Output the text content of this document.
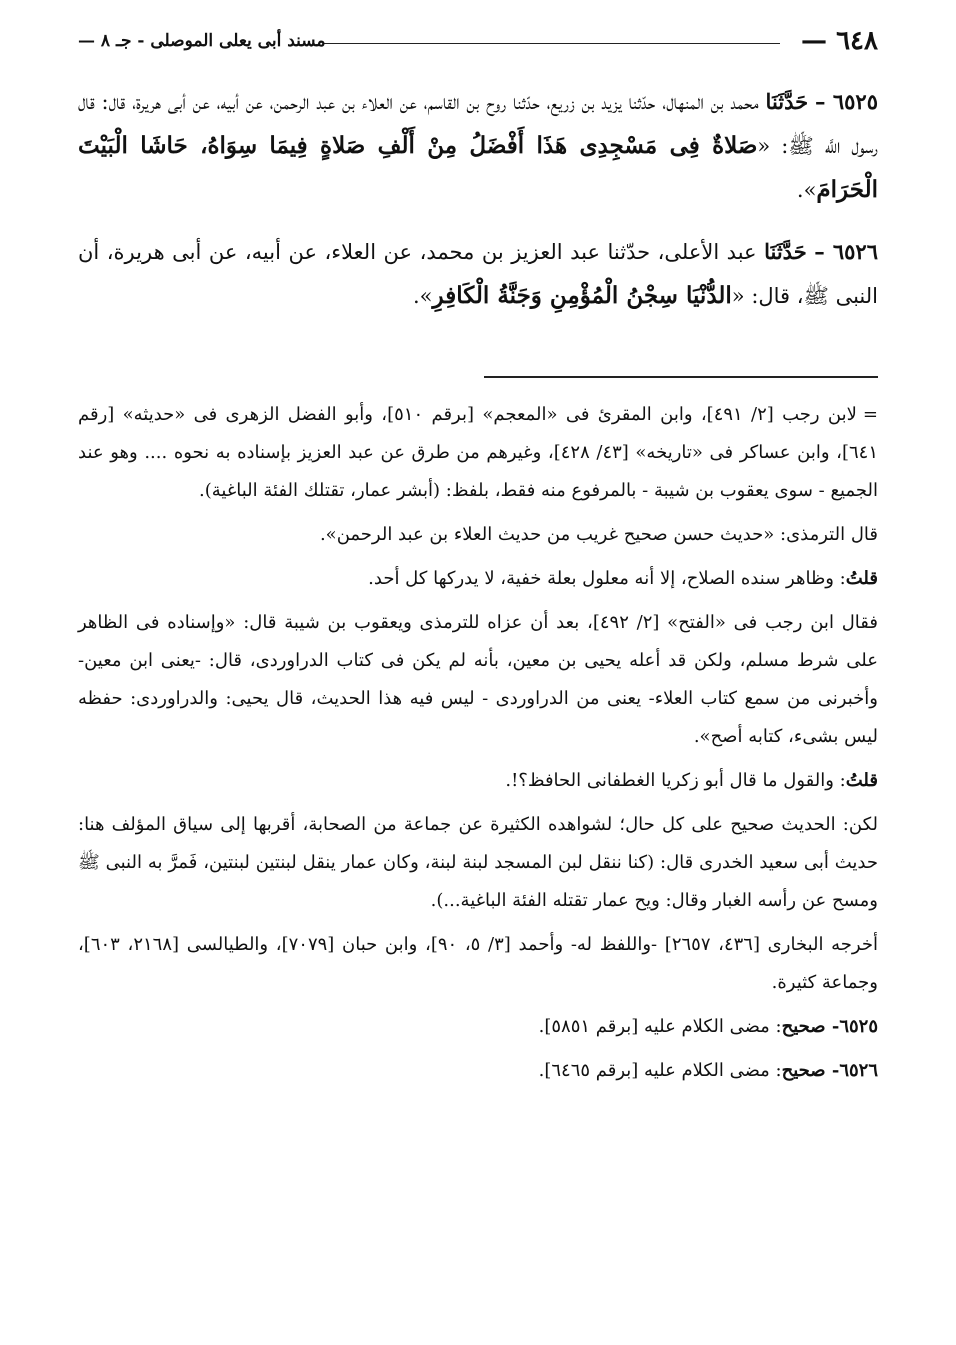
٦٤٨ —
مسند أبى يعلى الموصلى - جـ ٨ —

٦٥٢٥ – حَدَّثَنَا محمد بن المنهال، حدّثنا يزيد بن زريع، حدّثنا روح بن القاسم، عن العلاء بن عبد الرحمن، عن أبيه، عن أبى هريرة، قال: قال رسول اللَّه ﷺ: «صَلاةٌ فِى مَسْجِدِى هَذَا أَفْضَلُ مِنْ أَلْفِ صَلاةٍ فِيمَا سِوَاهُ، حَاشَا الْبَيْتَ الْحَرَامَ».

٦٥٢٦ – حَدَّثَنَا عبد الأعلى، حدّثنا عبد العزيز بن محمد، عن العلاء، عن أبيه، عن أبى هريرة، أن النبى ﷺ، قال: «الدُّنْيَا سِجْنُ الْمُؤْمِنِ وَجَنَّةُ الْكَافِرِ».

=لابن رجب [٢/ ٤٩١]، وابن المقرئ فى «المعجم» [برقم ٥١٠]، وأبو الفضل الزهرى فى «حديثه» [رقم ٦٤١]، وابن عساكر فى «تاريخه» [٤٣/ ٤٢٨]، وغيرهم من طرق عن عبد العزيز بإسناده به نحوه .... وهو عند الجميع - سوى يعقوب بن شيبة - بالمرفوع منه فقط، بلفظ: (أبشر عمار، تقتلك الفئة الباغية).

قال الترمذى: «حديث حسن صحيح غريب من حديث العلاء بن عبد الرحمن».

قلتُ: وظاهر سنده الصلاح، إلا أنه معلول بعلة خفية، لا يدركها كل أحد.

فقال ابن رجب فى «الفتح» [٢/ ٤٩٢]، بعد أن عزاه للترمذى ويعقوب بن شيبة قال: «وإسناده فى الظاهر على شرط مسلم، ولكن قد أعله يحيى بن معين، بأنه لم يكن فى كتاب الدراوردى، قال: -يعنى ابن معين- وأخبرنى من سمع كتاب العلاء- يعنى من الدراوردى - ليس فيه هذا الحديث، قال يحيى: والدراوردى: حفظه ليس بشىء، كتابه أصح».

قلتُ: والقول ما قال أبو زكريا الغطفانى الحافظ؟!.

لكن: الحديث صحيح على كل حال؛ لشواهده الكثيرة عن جماعة من الصحابة، أقربها إلى سياق المؤلف هنا: حديث أبى سعيد الخدرى قال: (كنا ننقل لبن المسجد لبنة لبنة، وكان عمار ينقل لبنتين لبنتين، فَمرَّ به النبى ﷺ ومسح عن رأسه الغبار وقال: ويح عمار تقتله الفئة الباغية...).

أخرجه البخارى [٤٣٦، ٢٦٥٧] -واللفظ له- وأحمد [٣/ ٥، ٩٠]، وابن حبان [٧٠٧٩]، والطيالسى [٢١٦٨، ٦٠٣]، وجماعة كثيرة.

٦٥٢٥- صحيح: مضى الكلام عليه [برقم ٥٨٥١].

٦٥٢٦- صحيح: مضى الكلام عليه [برقم ٦٤٦٥].
